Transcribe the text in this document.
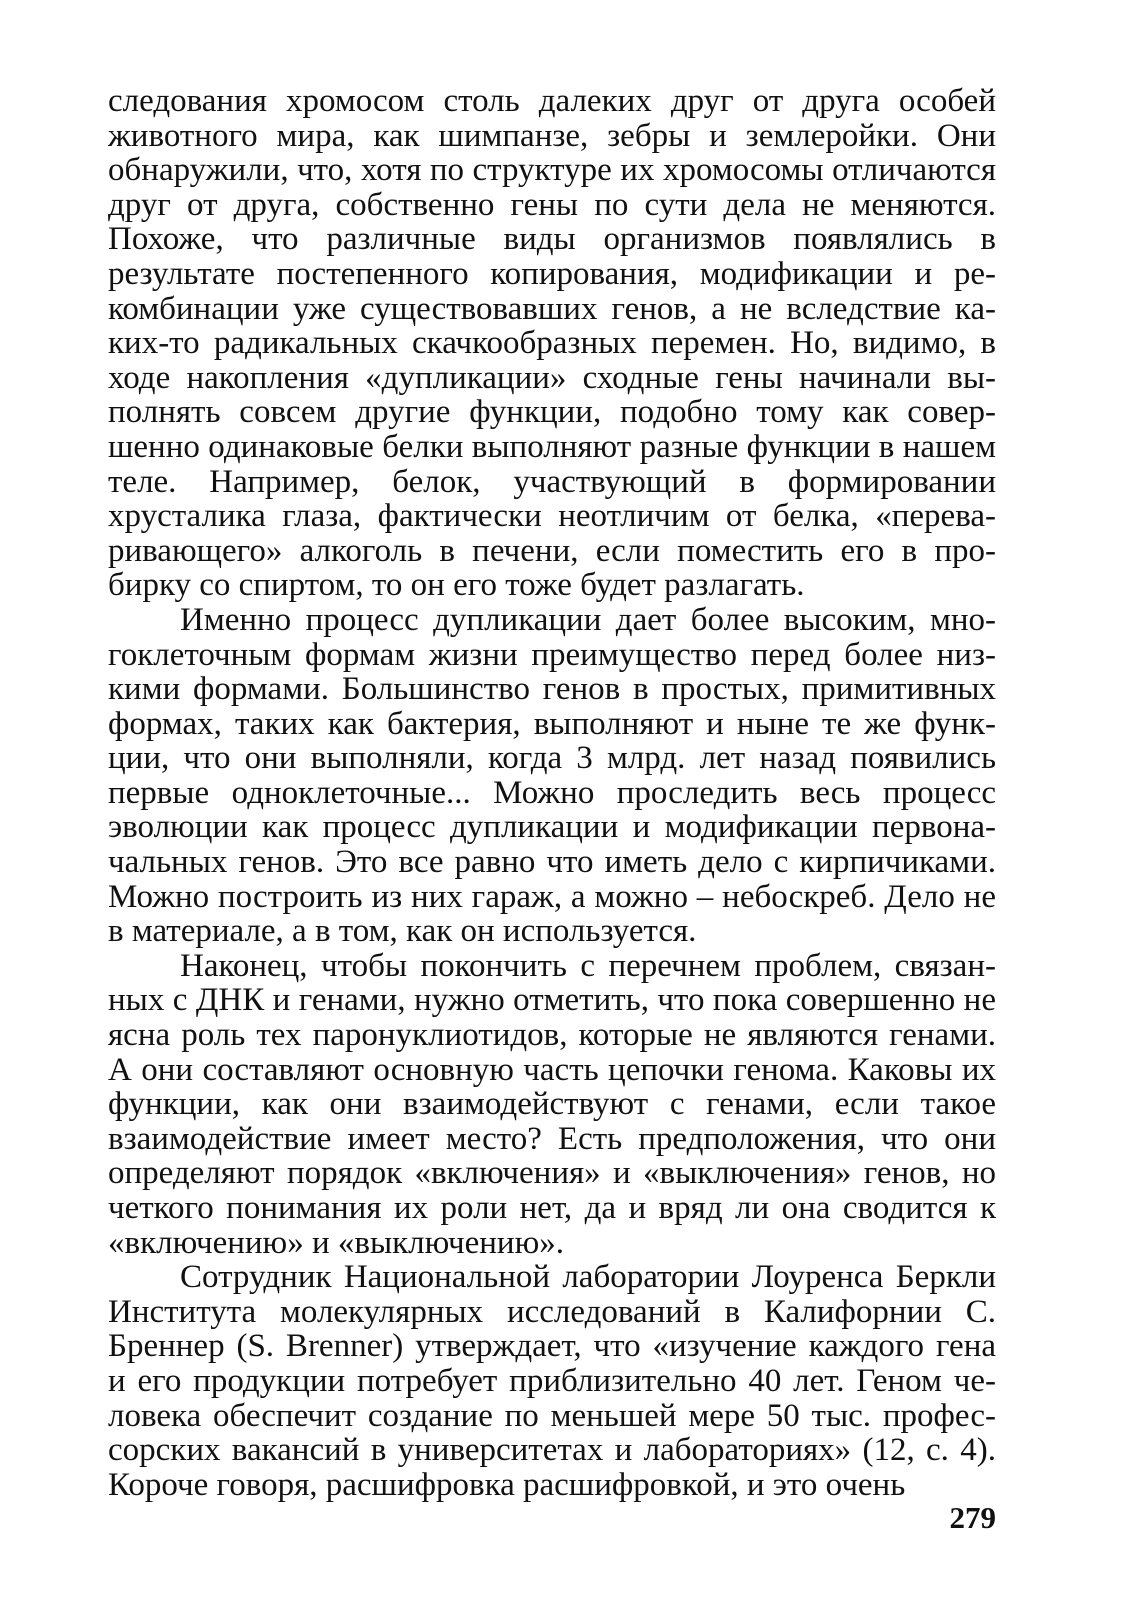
следования хромосом столь далеких друг от друга особей животного мира, как шимпанзе, зебры и землеройки. Они обнаружили, что, хотя по структуре их хромосомы отличаются друг от друга, собственно гены по сути дела не меняются. Похоже, что различные виды организмов появлялись в результате постепенного копирования, модификации и рекомбинации уже существовавших генов, а не вследствие каких-то радикальных скачкообразных перемен. Но, видимо, в ходе накопления «дупликации» сходные гены начинали выполнять совсем другие функции, подобно тому как совершенно одинаковые белки выполняют разные функции в нашем теле. Например, белок, участвующий в формировании хрусталика глаза, фактически неотличим от белка, «переваривающего» алкоголь в печени, если поместить его в пробирку со спиртом, то он его тоже будет разлагать.

Именно процесс дупликации дает более высоким, многоклеточным формам жизни преимущество перед более низкими формами. Большинство генов в простых, примитивных формах, таких как бактерия, выполняют и ныне те же функции, что они выполняли, когда 3 млрд. лет назад появились первые одноклеточные... Можно проследить весь процесс эволюции как процесс дупликации и модификации первоначальных генов. Это все равно что иметь дело с кирпичиками. Можно построить из них гараж, а можно – небоскреб. Дело не в материале, а в том, как он используется.

Наконец, чтобы покончить с перечнем проблем, связанных с ДНК и генами, нужно отметить, что пока совершенно не ясна роль тех паронуклиотидов, которые не являются генами. А они составляют основную часть цепочки генома. Каковы их функции, как они взаимодействуют с генами, если такое взаимодействие имеет место? Есть предположения, что они определяют порядок «включения» и «выключения» генов, но четкого понимания их роли нет, да и вряд ли она сводится к «включению» и «выключению».

Сотрудник Национальной лаборатории Лоуренса Беркли Института молекулярных исследований в Калифорнии С. Бреннер (S. Brenner) утверждает, что «изучение каждого гена и его продукции потребует приблизительно 40 лет. Геном человека обеспечит создание по меньшей мере 50 тыс. профессорских вакансий в университетах и лабораториях» (12, с. 4). Короче говоря, расшифровка расшифровкой, и это очень

279
